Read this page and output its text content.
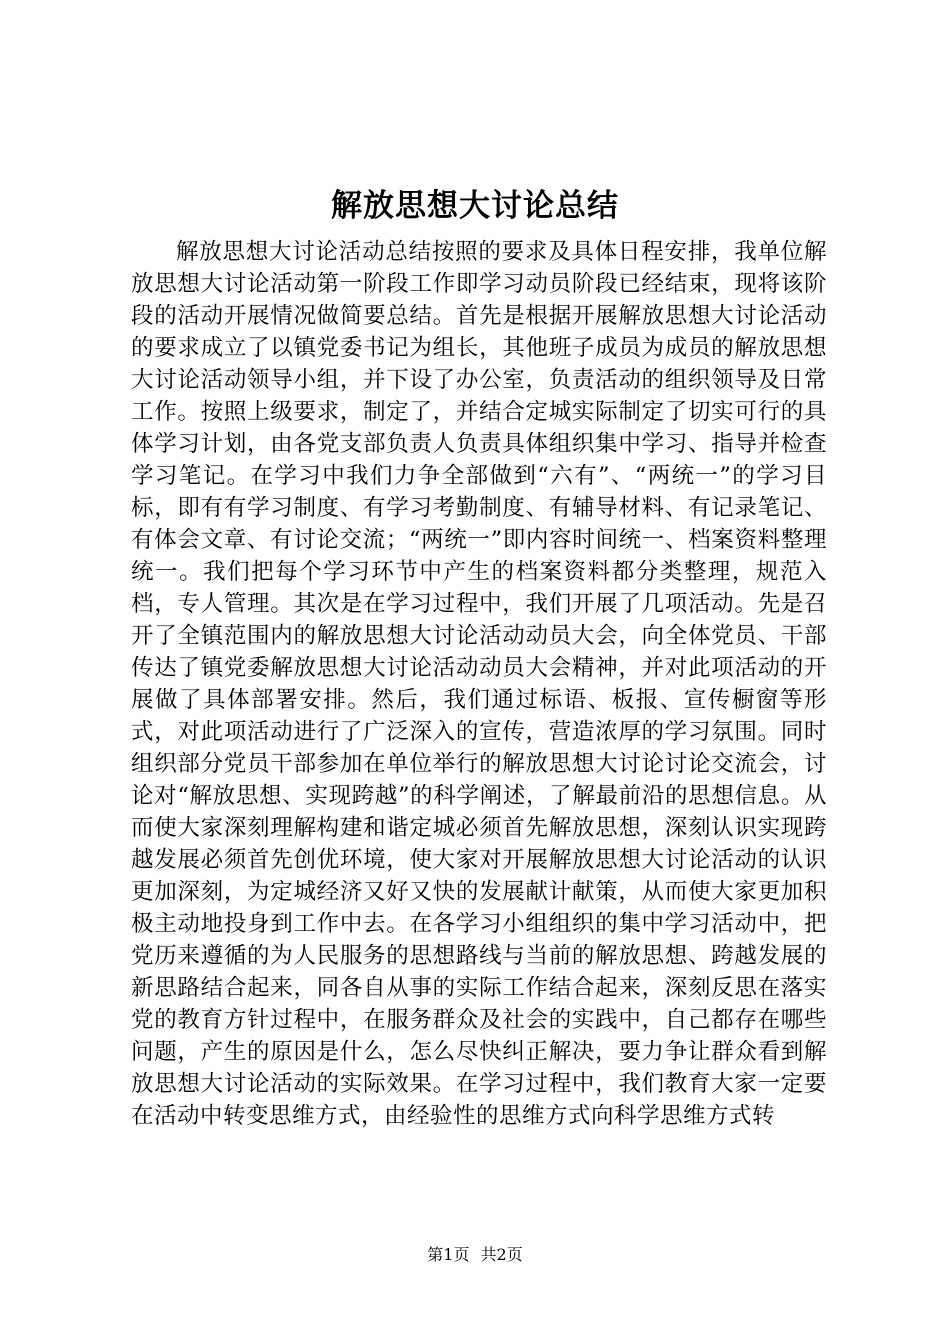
解放思想大讨论总结

解放思想大讨论活动总结按照的要求及具体日程安排，我单位解放思想大讨论活动第一阶段工作即学习动员阶段已经结束，现将该阶段的活动开展情况做简要总结。首先是根据开展解放思想大讨论活动的要求成立了以镇党委书记为组长，其他班子成员为成员的解放思想大讨论活动领导小组，并下设了办公室，负责活动的组织领导及日常工作。按照上级要求，制定了，并结合定城实际制定了切实可行的具体学习计划，由各党支部负责人负责具体组织集中学习、指导并检查学习笔记。在学习中我们力争全部做到“六有”、“两统一”的学习目标，即有有学习制度、有学习考勤制度、有辅导材料、有记录笔记、有体会文章、有讨论交流；“两统一”即内容时间统一、档案资料整理统一。我们把每个学习环节中产生的档案资料都分类整理，规范入档，专人管理。其次是在学习过程中，我们开展了几项活动。先是召开了全镇范围内的解放思想大讨论活动动员大会，向全体党员、干部传达了镇党委解放思想大讨论活动动员大会精神，并对此项活动的开展做了具体部署安排。然后，我们通过标语、板报、宣传橱窗等形式，对此项活动进行了广泛深入的宣传，营造浓厚的学习氛围。同时组织部分党员干部参加在单位举行的解放思想大讨论讨论交流会，讨论对“解放思想、实现跨越”的科学阐述，了解最前沿的思想信息。从而使大家深刻理解构建和谐定城必须首先解放思想，深刻认识实现跨越发展必须首先创优环境，使大家对开展解放思想大讨论活动的认识更加深刻，为定城经济又好又快的发展献计献策，从而使大家更加积极主动地投身到工作中去。在各学习小组组织的集中学习活动中，把党历来遵循的为人民服务的思想路线与当前的解放思想、跨越发展的新思路结合起来，同各自从事的实际工作结合起来，深刻反思在落实党的教育方针过程中，在服务群众及社会的实践中，自己都存在哪些问题，产生的原因是什么，怎么尽快纠正解决，要力争让群众看到解放思想大讨论活动的实际效果。在学习过程中，我们教育大家一定要在活动中转变思维方式，由经验性的思维方式向科学思维方式转

第1页 共2页
